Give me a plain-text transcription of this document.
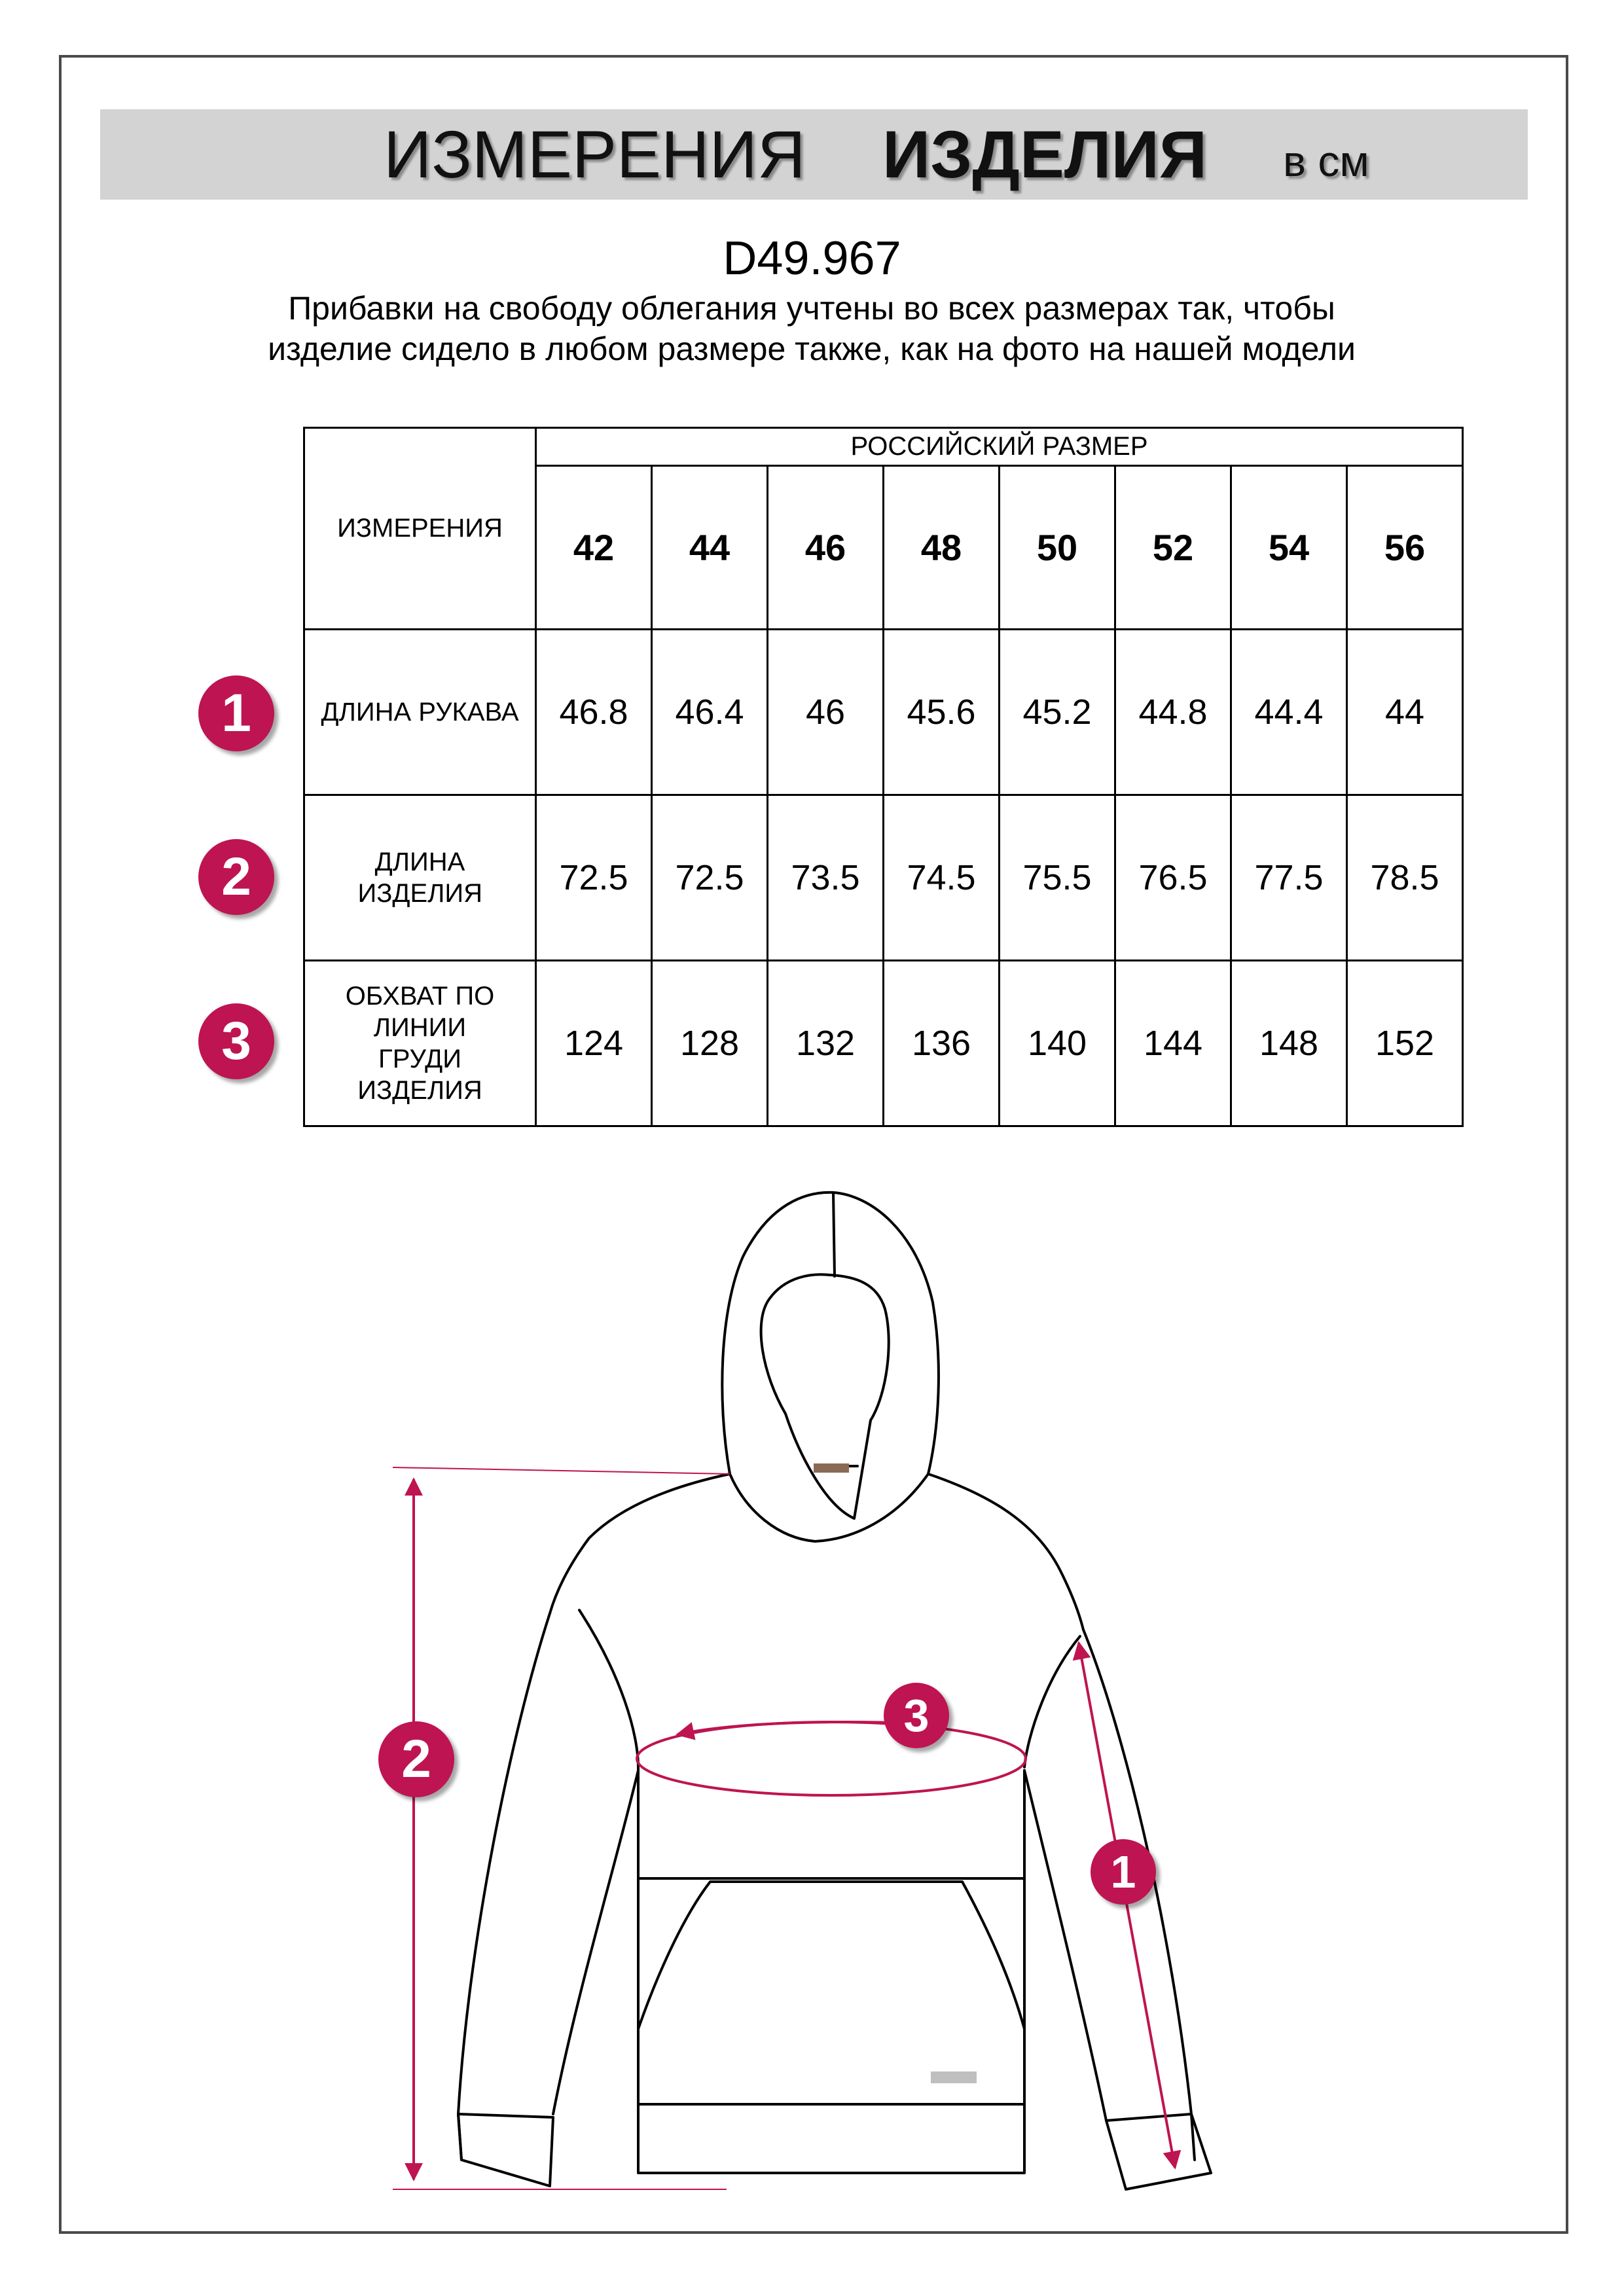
ИЗМЕРЕНИЯ ИЗДЕЛИЯ в см
D49.967
Прибавки на свободу облегания учтены во всех размерах так, чтобы изделие сидело в любом размере также, как на фото на нашей модели
ИЗМЕРЕНИЯ	РОССИЙСКИЙ РАЗМЕР							
	42	44	46	48	50	52	54	56
ДЛИНА РУКАВА	46.8	46.4	46	45.6	45.2	44.8	44.4	44

ДЛИНА ИЗДЕЛИЯ	72.5	72.5	73.5	74.5	75.5	76.5	77.5	78.5

ОБХВАТ ПО ЛИНИИ ГРУДИ ИЗДЕЛИЯ	124	128	132	136	140	144	148	152
1
2
3
2
3
1
